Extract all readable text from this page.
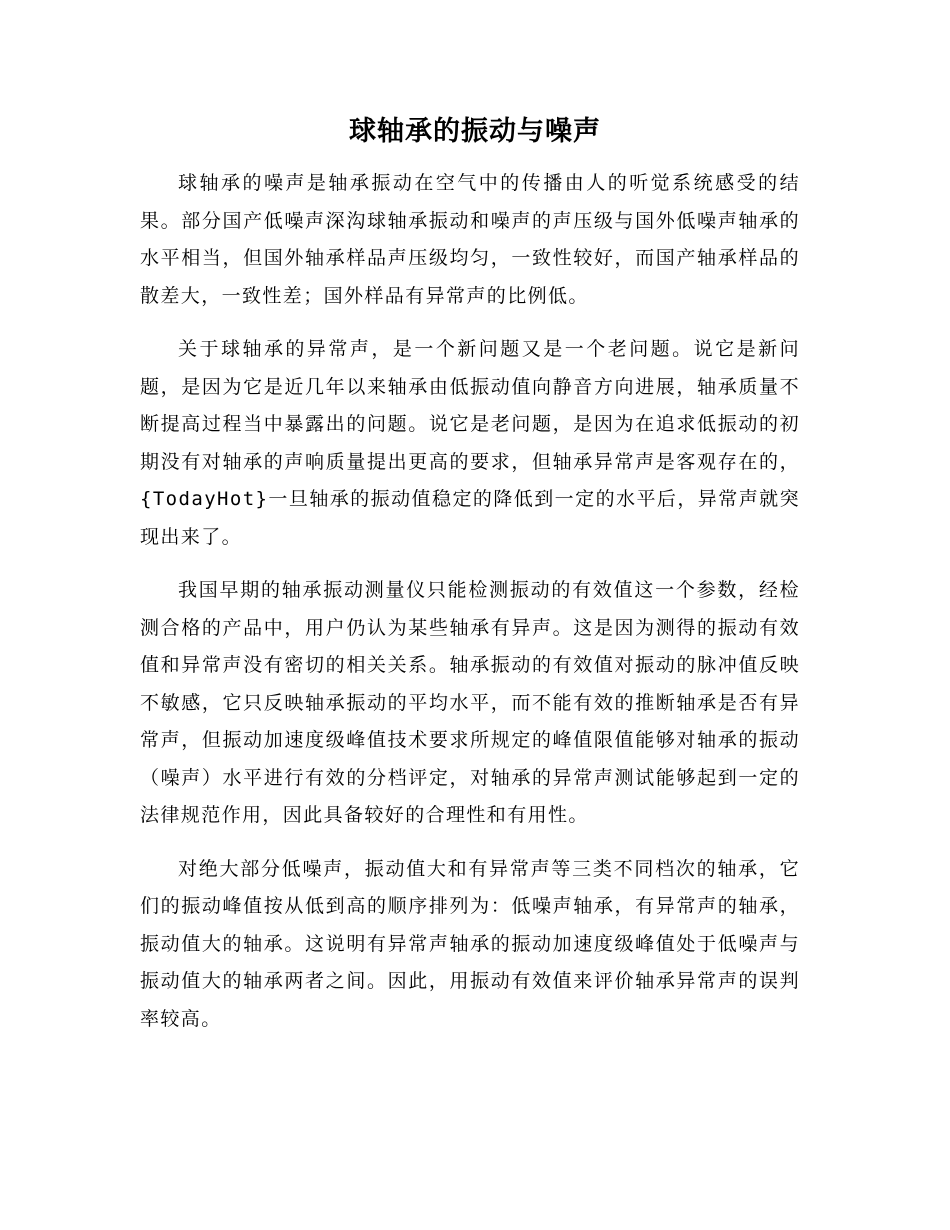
球轴承的振动与噪声

球轴承的噪声是轴承振动在空气中的传播由人的听觉系统感受的结果。部分国产低噪声深沟球轴承振动和噪声的声压级与国外低噪声轴承的水平相当，但国外轴承样品声压级均匀，一致性较好，而国产轴承样品的散差大，一致性差；国外样品有异常声的比例低。

关于球轴承的异常声，是一个新问题又是一个老问题。说它是新问题，是因为它是近几年以来轴承由低振动值向静音方向进展，轴承质量不断提高过程当中暴露出的问题。说它是老问题，是因为在追求低振动的初期没有对轴承的声响质量提出更高的要求，但轴承异常声是客观存在的，{TodayHot}一旦轴承的振动值稳定的降低到一定的水平后，异常声就突现出来了。

我国早期的轴承振动测量仪只能检测振动的有效值这一个参数，经检测合格的产品中，用户仍认为某些轴承有异声。这是因为测得的振动有效值和异常声没有密切的相关关系。轴承振动的有效值对振动的脉冲值反映不敏感，它只反映轴承振动的平均水平，而不能有效的推断轴承是否有异常声，但振动加速度级峰值技术要求所规定的峰值限值能够对轴承的振动（噪声）水平进行有效的分档评定，对轴承的异常声测试能够起到一定的法律规范作用，因此具备较好的合理性和有用性。

对绝大部分低噪声，振动值大和有异常声等三类不同档次的轴承，它们的振动峰值按从低到高的顺序排列为：低噪声轴承，有异常声的轴承，振动值大的轴承。这说明有异常声轴承的振动加速度级峰值处于低噪声与振动值大的轴承两者之间。因此，用振动有效值来评价轴承异常声的误判率较高。
